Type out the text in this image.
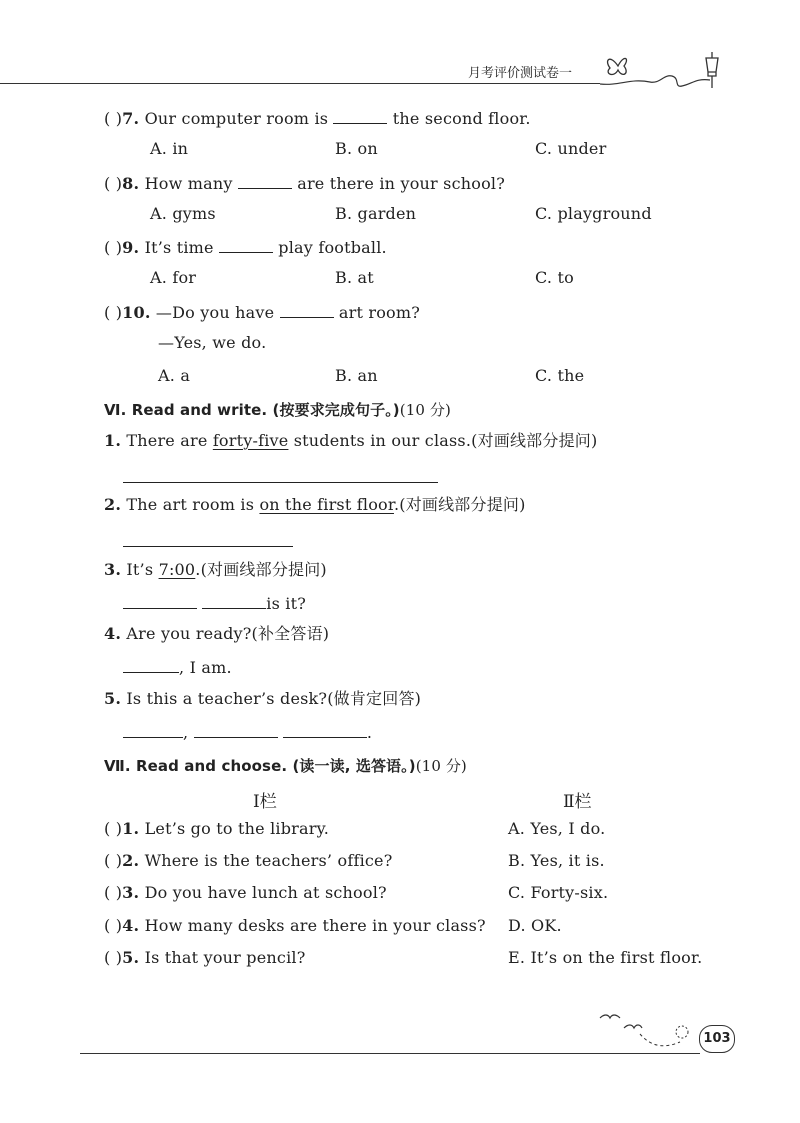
月考评价测试卷一
( )7. Our computer room is	the second floor.
A. in	B. on	C. under
( )8. How many	are there in your school?
A. gyms	B. garden	C. playground
( )9. It’s time	play football.
A. for	B. at	C. to
( )10. —Do you have	art room?
—Yes, we do.
A. a	B. an	C. the
Ⅵ. Read and write. (按要求完成句子。)(10 分)
1. There are forty-five students in our class.(对画线部分提问)
2. The art room is on the first floor.(对画线部分提问)
3. It’s 7:00.(对画线部分提问)
is it?
4. Are you ready?(补全答语)
, I am.
5. Is this a teacher’s desk?(做肯定回答)
,	.
Ⅶ. Read and choose. (读一读, 选答语。)(10 分)
Ⅰ栏	Ⅱ栏
( )1. Let’s go to the library.	A. Yes, I do.
( )2. Where is the teachers’ office?	B. Yes, it is.
( )3. Do you have lunch at school?	C. Forty-six.
( )4. How many desks are there in your class? D. OK.
( )5. Is that your pencil?	E. It’s on the first floor.
103
